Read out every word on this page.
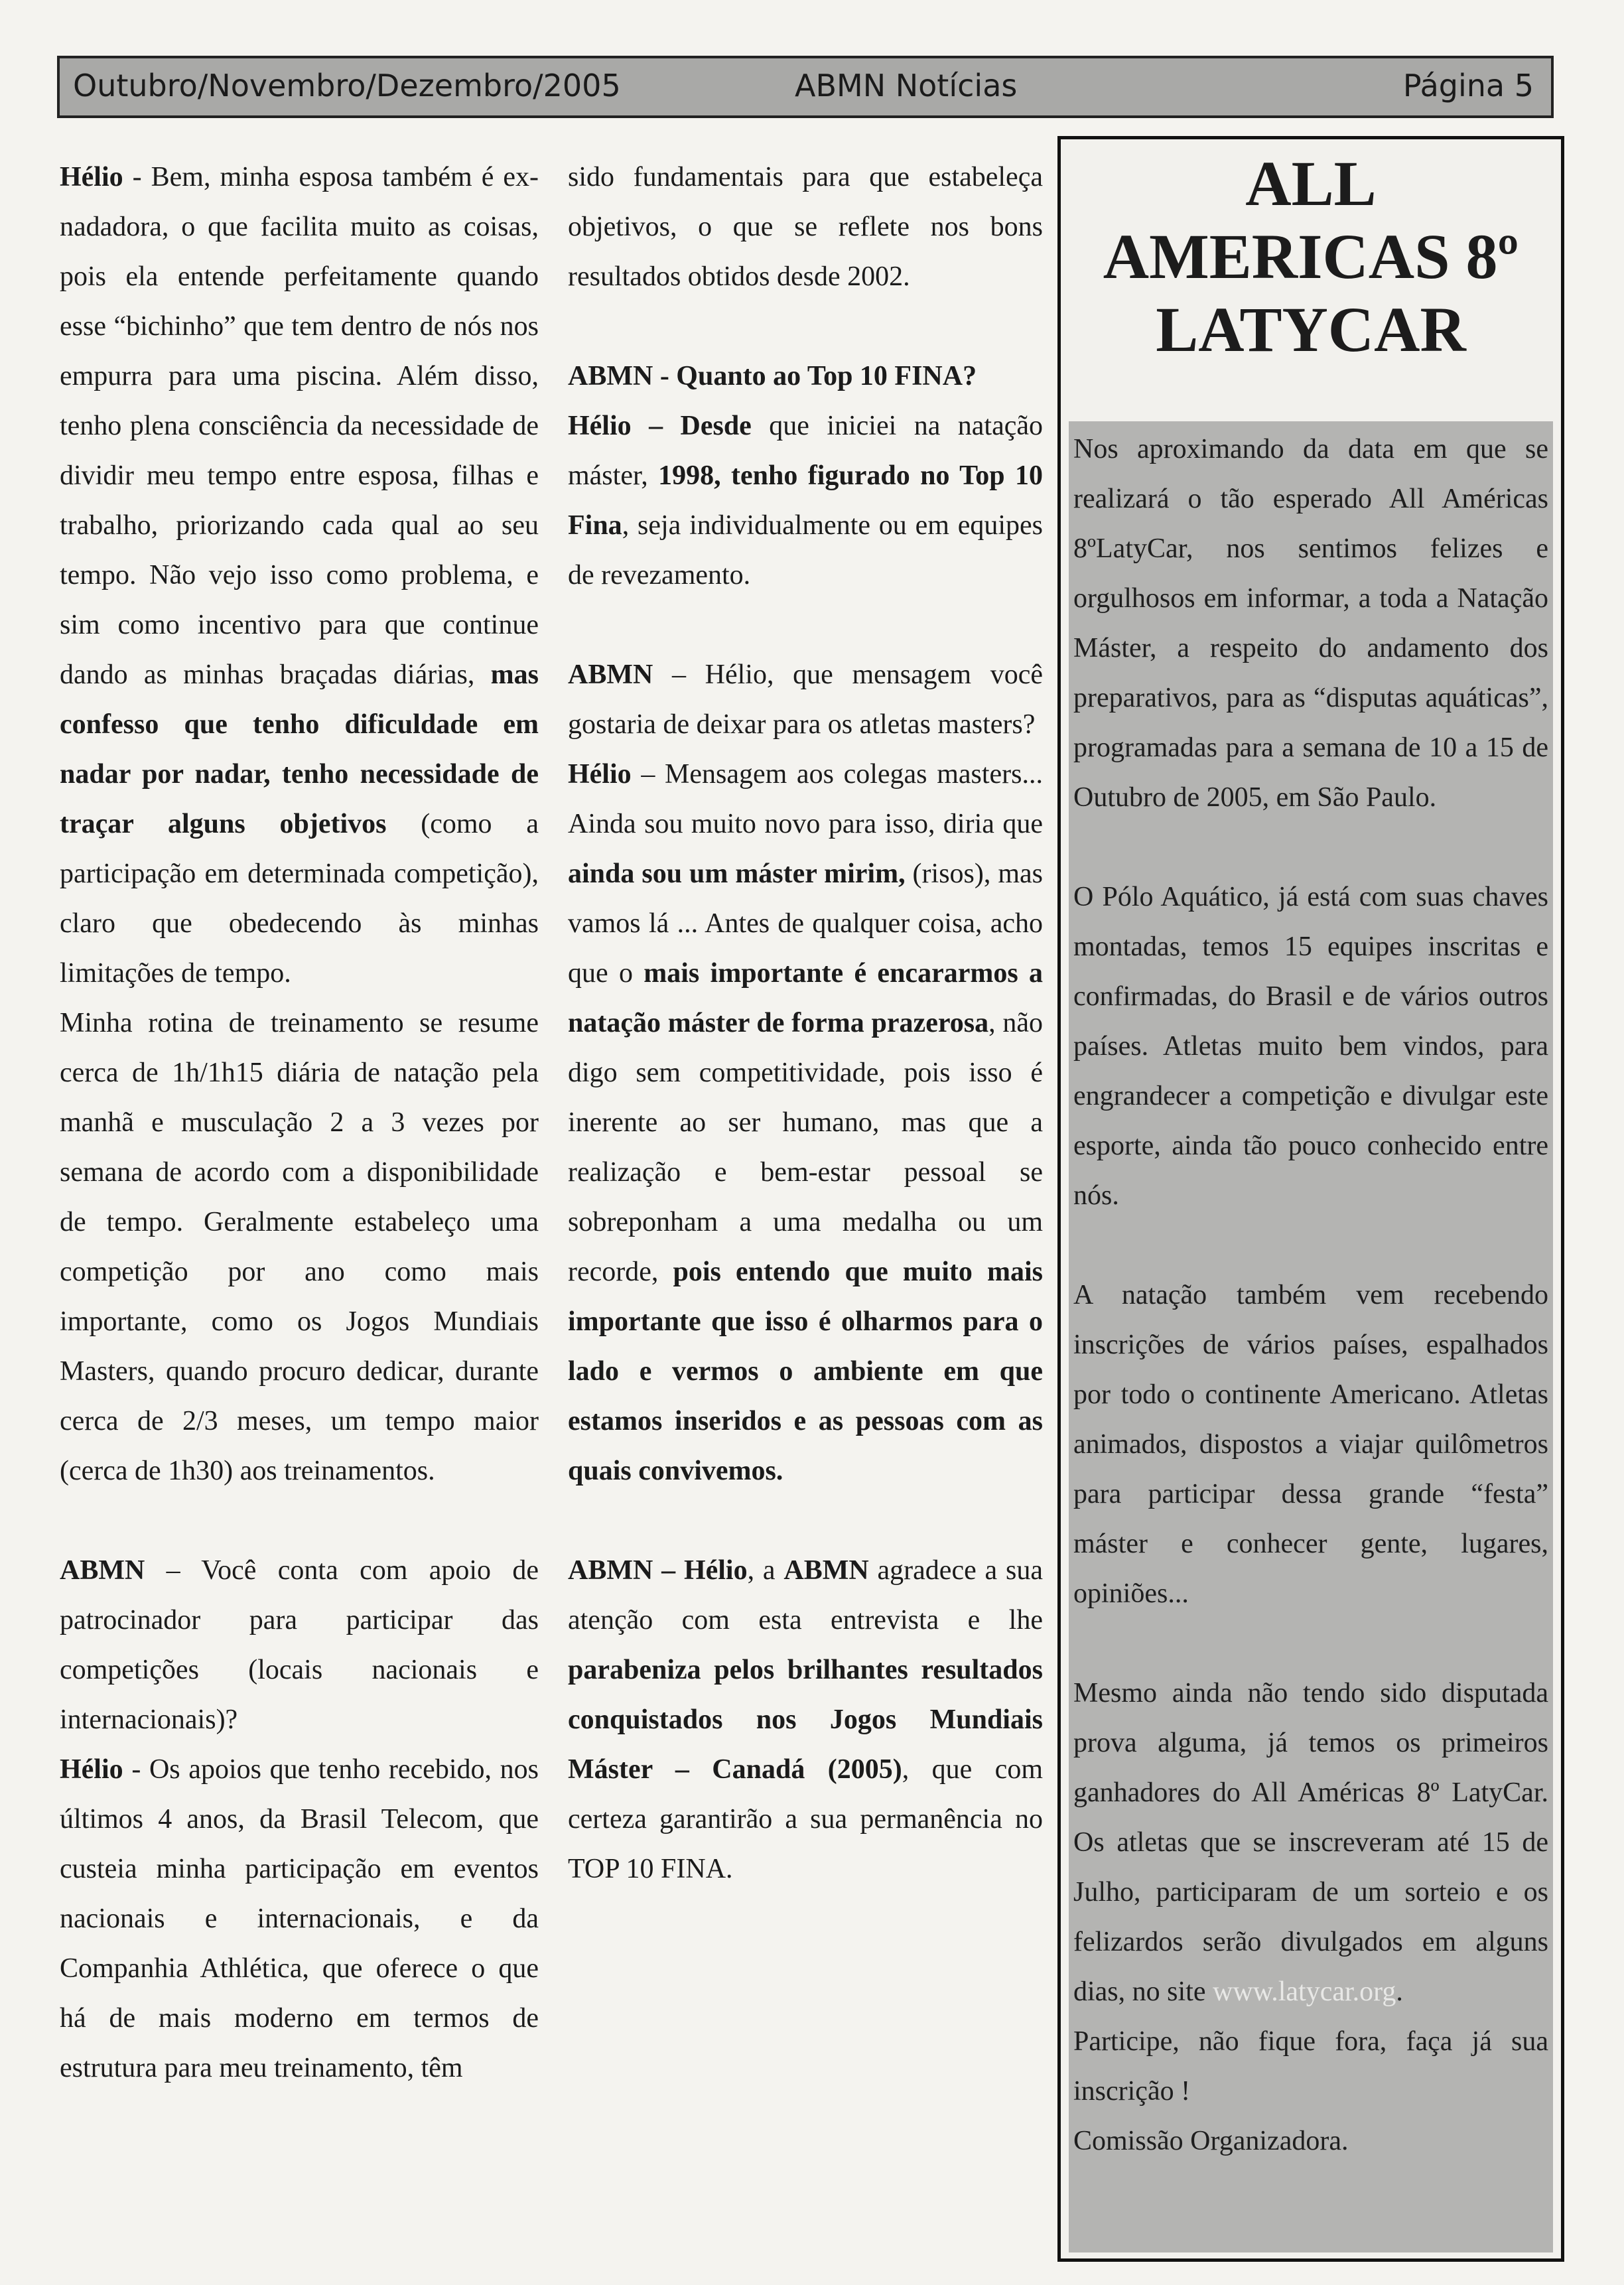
Outubro/Novembro/Dezembro/2005	ABMN Notícias	Página 5

Hélio - Bem, minha esposa também é ex-nadadora, o que facilita muito as coisas, pois ela entende perfeitamente quando esse “bichinho” que tem dentro de nós nos empurra para uma piscina. Além disso, tenho plena consciência da necessidade de dividir meu tempo entre esposa, filhas e trabalho, priorizando cada qual ao seu tempo. Não vejo isso como problema, e sim como incentivo para que continue dando as minhas braçadas diárias, mas confesso que tenho dificuldade em nadar por nadar, tenho necessidade de traçar alguns objetivos (como a participação em determinada competição), claro que obedecendo às minhas limitações de tempo.

Minha rotina de treinamento se resume cerca de 1h/1h15 diária de natação pela manhã e musculação 2 a 3 vezes por semana de acordo com a disponibilidade de tempo. Geralmente estabeleço uma competição por ano como mais importante, como os Jogos Mundiais Masters, quando procuro dedicar, durante cerca de 2/3 meses, um tempo maior (cerca de 1h30) aos treinamentos.

ABMN – Você conta com apoio de patrocinador para participar das competições (locais nacionais e internacionais)?

Hélio - Os apoios que tenho recebido, nos últimos 4 anos, da Brasil Telecom, que custeia minha participação em eventos nacionais e internacionais, e da Companhia Athlética, que oferece o que há de mais moderno em termos de estrutura para meu treinamento, têm

sido fundamentais para que estabeleça objetivos, o que se reflete nos bons resultados obtidos desde 2002.

ABMN - Quanto ao Top 10 FINA?

Hélio – Desde que iniciei na natação máster, 1998, tenho figurado no Top 10 Fina, seja individualmente ou em equipes de revezamento.

ABMN – Hélio, que mensagem você gostaria de deixar para os atletas masters?

Hélio – Mensagem aos colegas masters... Ainda sou muito novo para isso, diria que ainda sou um máster mirim, (risos), mas vamos lá ... Antes de qualquer coisa, acho que o mais importante é encararmos a natação máster de forma prazerosa, não digo sem competitividade, pois isso é inerente ao ser humano, mas que a realização e bem-estar pessoal se sobreponham a uma medalha ou um recorde, pois entendo que muito mais importante que isso é olharmos para o lado e vermos o ambiente em que estamos inseridos e as pessoas com as quais convivemos.

ABMN – Hélio, a ABMN agradece a sua atenção com esta entrevista e lhe parabeniza pelos brilhantes resultados conquistados nos Jogos Mundiais Máster – Canadá (2005), que com certeza garantirão a sua permanência no TOP 10 FINA.

ALL
AMERICAS 8º
LATYCAR

Nos aproximando da data em que se realizará o tão esperado All Américas 8ºLatyCar, nos sentimos felizes e orgulhosos em informar, a toda a Natação Máster, a respeito do andamento dos preparativos, para as “disputas aquáticas”, programadas para a semana de 10 a 15 de Outubro de 2005, em São Paulo.

O Pólo Aquático, já está com suas chaves montadas, temos 15 equipes inscritas e confirmadas, do Brasil e de vários outros países. Atletas muito bem vindos, para engrandecer a competição e divulgar este esporte, ainda tão pouco conhecido entre nós.

A natação também vem recebendo inscrições de vários países, espalhados por todo o continente Americano. Atletas animados, dispostos a viajar quilômetros para participar dessa grande “festa” máster e conhecer gente, lugares, opiniões...

Mesmo ainda não tendo sido disputada prova alguma, já temos os primeiros ganhadores do All Américas 8º LatyCar. Os atletas que se inscreveram até 15 de Julho, participaram de um sorteio e os felizardos serão divulgados em alguns dias, no site www.latycar.org.

Participe, não fique fora, faça já sua inscrição !

Comissão Organizadora.
